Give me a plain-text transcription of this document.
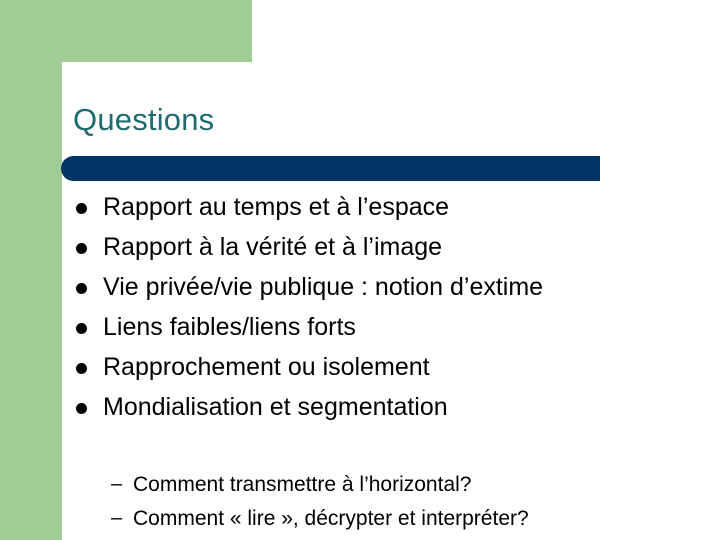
Questions
Rapport au temps et à l’espace
Rapport à la vérité et à l’image
Vie privée/vie publique : notion d’extime
Liens faibles/liens forts
Rapprochement ou isolement
Mondialisation et segmentation
– Comment transmettre à l’horizontal?
– Comment « lire », décrypter et interpréter?
